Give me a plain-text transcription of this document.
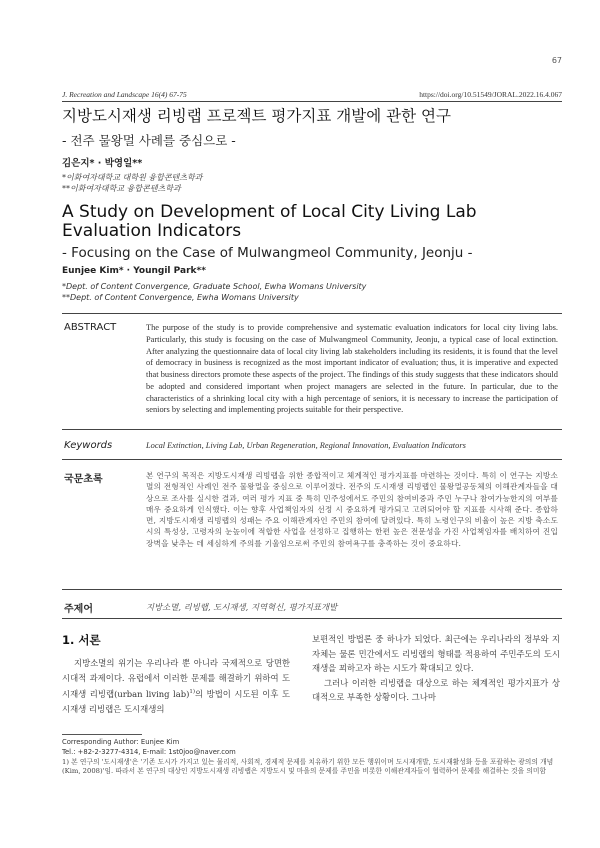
67
J. Recreation and Landscape 16(4) 67-75	https://doi.org/10.51549/JORAL.2022.16.4.067
지방도시재생 리빙랩 프로젝트 평가지표 개발에 관한 연구
- 전주 물왕멀 사례를 중심으로 -
김은지* · 박영일**
*이화여자대학교 대학원 융합콘텐츠학과
**이화여자대학교 융합콘텐츠학과
A Study on Development of Local City Living Lab Evaluation Indicators
- Focusing on the Case of Mulwangmeol Community, Jeonju -
Eunjee Kim* · Youngil Park**
*Dept. of Content Convergence, Graduate School, Ewha Womans University
**Dept. of Content Convergence, Ewha Womans University
ABSTRACT	The purpose of the study is to provide comprehensive and systematic evaluation indicators for local city living labs. Particularly, this study is focusing on the case of Mulwangmeol Community, Jeonju, a typical case of local extinction. After analyzing the questionnaire data of local city living lab stakeholders including its residents, it is found that the level of democracy in business is recognized as the most important indicator of evaluation; thus, it is imperative and expected that business directors promote these aspects of the project. The findings of this study suggests that these indicators should be adopted and considered important when project managers are selected in the future. In particular, due to the characteristics of a shrinking local city with a high percentage of seniors, it is necessary to increase the participation of seniors by selecting and implementing projects suitable for their perspective.
Keywords	Local Extinction, Living Lab, Urban Regeneration, Regional Innovation, Evaluation Indicators
국문초록	본 연구의 목적은 지방도시재생 리빙랩을 위한 종합적이고 체계적인 평가지표를 마련하는 것이다. 특히 이 연구는 지방소멸의 전형적인 사례인 전주 물왕멀을 중심으로 이루어졌다. 전주의 도시재생 리빙랩인 물왕멀공동체의 이해관계자들을 대상으로 조사를 실시한 결과, 여러 평가 지표 중 특히 민주성에서도 주민의 참여비중과 주민 누구나 참여가능한지의 여부를 매우 중요하게 인식했다. 이는 향후 사업책임자의 선정 시 중요하게 평가되고 고려되어야 할 지표를 시사해 준다. 종합하면, 지방도시재생 리빙랩의 성패는 주요 이해관계자인 주민의 참여에 달려있다. 특히 노령인구의 비율이 높은 지방 축소도시의 특성상, 고령자의 눈높이에 적합한 사업을 선정하고 집행하는 한편 높은 전문성을 가진 사업책임자를 배치하여 진입장벽을 낮추는 데 세심하게 주의를 기울임으로써 주민의 참여욕구를 충족하는 것이 중요하다.
주제어	지방소멸, 리빙랩, 도시재생, 지역혁신, 평가지표개발
1. 서론

지방소멸의 위기는 우리나라 뿐 아니라 국제적으로 당면한 시대적 과제이다. 유럽에서 이러한 문제를 해결하기 위하여 도시재생 리빙랩(urban living lab)$^{1)}$의 방법이 시도된 이후 도시재생 리빙랩은 도시재생의

보편적인 방법론 중 하나가 되었다. 최근에는 우리나라의 정부와 지자체는 물론 민간에서도 리빙랩의 형태를 적용하여 주민주도의 도시재생을 꾀하고자 하는 시도가 확대되고 있다.

그러나 이러한 리빙랩을 대상으로 하는 체계적인 평가지표가 상대적으로 부족한 상황이다. 그나마

Corresponding Author: Eunjee Kim
Tel.: +82-2-3277-4314, E-mail: 1st0joo@naver.com
1) 본 연구의 '도시재생'은 '기존 도시가 가지고 있는 물리적, 사회적, 경제적 문제를 치유하기 위한 모든 행위이며 도시재개발, 도시재활성화 등을 포괄하는 광의의 개념(Kim, 2008)'임. 따라서 본 연구의 대상인 지방도시재생 리빙랩은 지방도시 및 마을의 문제를 주민을 비롯한 이해관계자들이 협력하여 문제를 해결하는 것을 의미함
